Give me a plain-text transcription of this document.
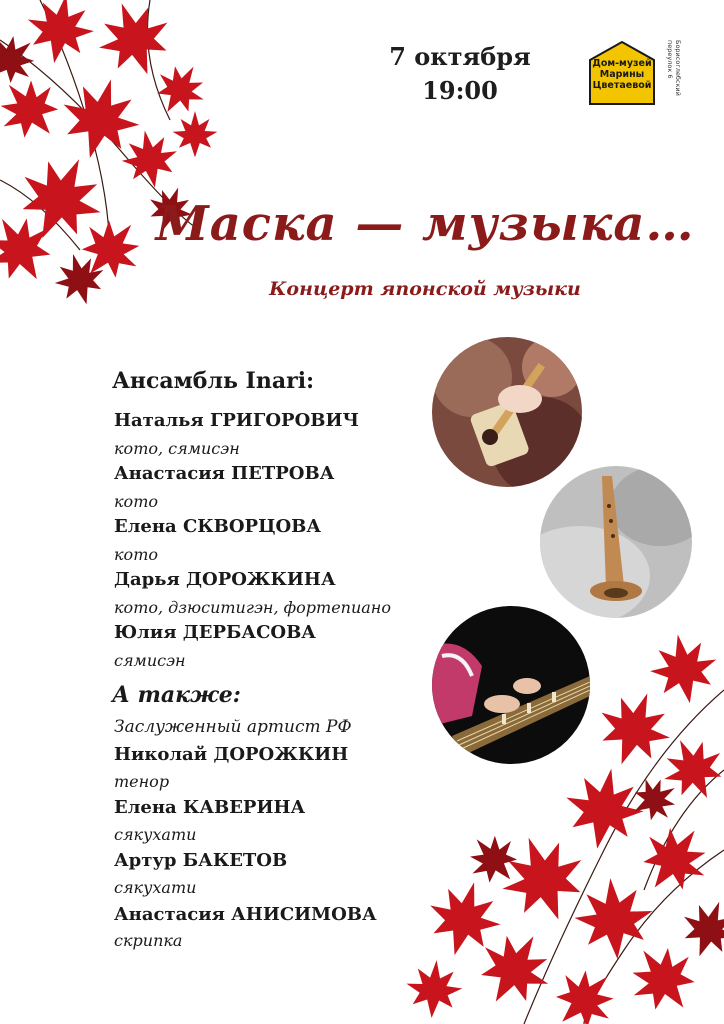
7 октября
19:00
Дом-музей
Марины
Цветаевой	Борисоглебский переулок 6
Маска — музыка…
Концерт японской музыки
Ансамбль Inari:
Наталья ГРИГОРОВИЧ
кото, сямисэн
Анастасия ПЕТРОВА
кото
Елена СКВОРЦОВА
кото
Дарья ДОРОЖКИНА
кото, дзюситигэн, фортепиано
Юлия ДЕРБАСОВА
сямисэн
А также:
Заслуженный артист РФ
Николай ДОРОЖКИН
тенор
Елена КАВЕРИНА
сякухати
Артур БАКЕТОВ
сякухати
Анастасия АНИСИМОВА
скрипка
